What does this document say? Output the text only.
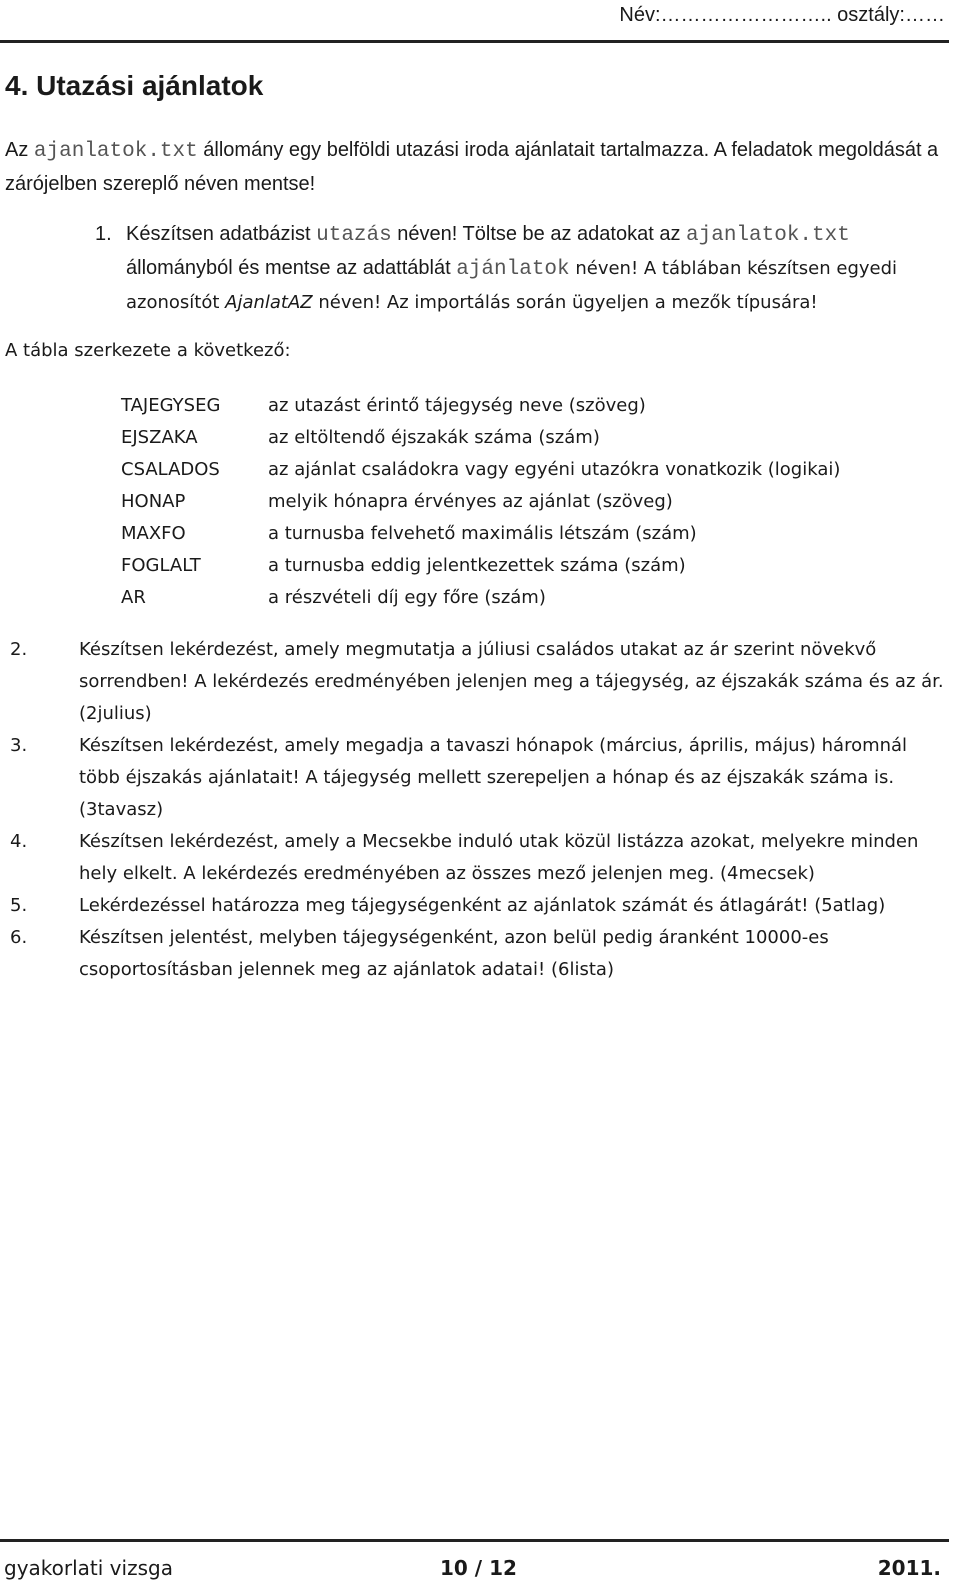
Név:…………………….. osztály:……
4. Utazási ajánlatok

Az ajanlatok.txt állomány egy belföldi utazási iroda ajánlatait tartalmazza. A feladatok megoldását a zárójelben szereplő néven mentse!

1. Készítsen adatbázist utazás néven! Töltse be az adatokat az ajanlatok.txt állományból és mentse az adattáblát ajánlatok néven! A táblában készítsen egyedi azonosítót AjanlatAZ néven! Az importálás során ügyeljen a mezők típusára!

A tábla szerkezete a következő:
TAJEGYSEG	az utazást érintő tájegység neve (szöveg)
EJSZAKA	az eltöltendő éjszakák száma (szám)
CSALADOS	az ajánlat családokra vagy egyéni utazókra vonatkozik (logikai)
HONAP	melyik hónapra érvényes az ajánlat (szöveg)
MAXFO	a turnusba felvehető maximális létszám (szám)
FOGLALT	a turnusba eddig jelentkezettek száma (szám)
AR	a részvételi díj egy főre (szám)
2.	Készítsen lekérdezést, amely megmutatja a júliusi családos utakat az ár szerint növekvő sorrendben! A lekérdezés eredményében jelenjen meg a tájegység, az éjszakák száma és az ár. (2julius)
3.	Készítsen lekérdezést, amely megadja a tavaszi hónapok (március, április, május) háromnál több éjszakás ajánlatait! A tájegység mellett szerepeljen a hónap és az éjszakák száma is. (3tavasz)
4.	Készítsen lekérdezést, amely a Mecsekbe induló utak közül listázza azokat, melyekre minden hely elkelt. A lekérdezés eredményében az összes mező jelenjen meg. (4mecsek)
5.	Lekérdezéssel határozza meg tájegységenként az ajánlatok számát és átlagárát! (5atlag)
6.	Készítsen jelentést, melyben tájegységenként, azon belül pedig áranként 10000-es csoportosításban jelennek meg az ajánlatok adatai! (6lista)
gyakorlati vizsga	10 / 12	2011.
